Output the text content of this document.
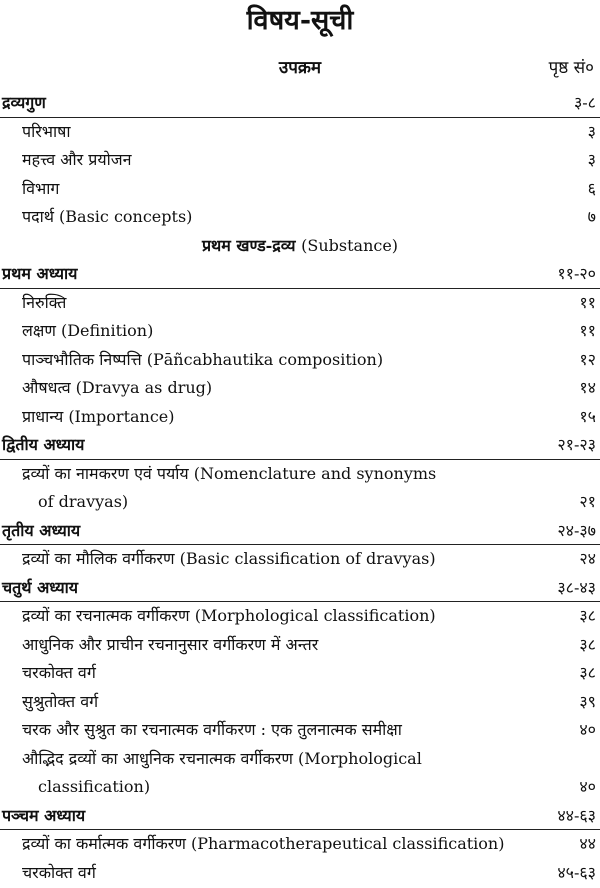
विषय-सूची
उपक्रम	पृष्ठ सं०
द्रव्यगुण	३-८
परिभाषा	३
महत्त्व और प्रयोजन	३
विभाग	६
पदार्थ (Basic concepts)	७
प्रथम खण्ड-द्रव्य (Substance)
प्रथम अध्याय	११-२०
निरुक्ति	११
लक्षण (Definition)	११
पाञ्चभौतिक निष्पत्ति (Pāñcabhautika composition)	१२
औषधत्व (Dravya as drug)	१४
प्राधान्य (Importance)	१५
द्वितीय अध्याय	२१-२३
द्रव्यों का नामकरण एवं पर्याय (Nomenclature and synonyms
of dravyas)	२१
तृतीय अध्याय	२४-३७
द्रव्यों का मौलिक वर्गीकरण (Basic classification of dravyas)	२४
चतुर्थ अध्याय	३८-४३
द्रव्यों का रचनात्मक वर्गीकरण (Morphological classification)	३८
आधुनिक और प्राचीन रचनानुसार वर्गीकरण में अन्तर	३८
चरकोक्त वर्ग	३८
सुश्रुतोक्त वर्ग	३९
चरक और सुश्रुत का रचनात्मक वर्गीकरण : एक तुलनात्मक समीक्षा	४०
औद्भिद द्रव्यों का आधुनिक रचनात्मक वर्गीकरण (Morphological
classification)	४०
पञ्चम अध्याय	४४-६३
द्रव्यों का कर्मात्मक वर्गीकरण (Pharmacotherapeutical classification)	४४
चरकोक्त वर्ग	४५-६३
